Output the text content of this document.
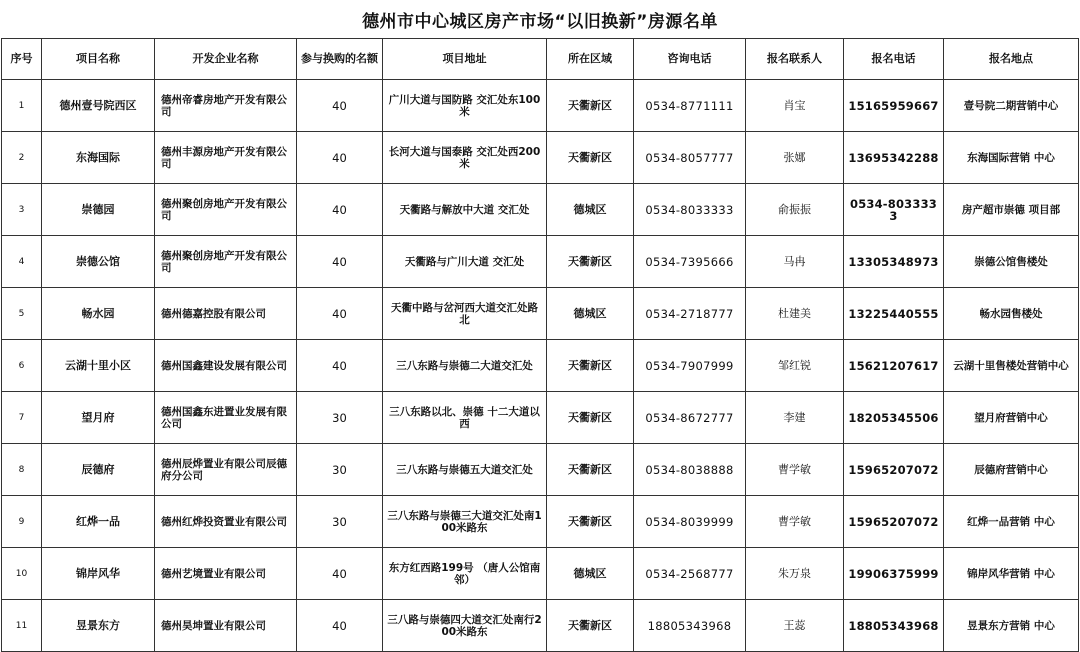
德州市中心城区房产市场“以旧换新”房源名单
序号	项目名称	开发企业名称	参与换购的名额	项目地址	所在区域	咨询电话	报名联系人	报名电话	报名地点
1	德州壹号院西区	德州帝睿房地产开发有限公司	40	广川大道与国防路 交汇处东100米	天衢新区	0534-8771111	肖宝	15165959667	壹号院二期营销中心
2	东海国际	德州丰源房地产开发有限公司	40	长河大道与国泰路 交汇处西200米	天衢新区	0534-8057777	张娜	13695342288	东海国际营销 中心
3	崇德园	德州聚创房地产开发有限公司	40	天衢路与解放中大道 交汇处	德城区	0534-8033333	俞振振	0534-8033333	房产超市崇德 项目部
4	崇德公馆	德州聚创房地产开发有限公司	40	天衢路与广川大道 交汇处	天衢新区	0534-7395666	马冉	13305348973	崇德公馆售楼处
5	畅水园	德州德嘉控股有限公司	40	天衢中路与岔河西大道交汇处路北	德城区	0534-2718777	杜建美	13225440555	畅水园售楼处
6	云湖十里小区	德州国鑫建设发展有限公司	40	三八东路与崇德二大道交汇处	天衢新区	0534-7907999	邹红锐	15621207617	云湖十里售楼处营销中心
7	望月府	德州国鑫东进置业发展有限公司	30	三八东路以北、崇德 十二大道以西	天衢新区	0534-8672777	李建	18205345506	望月府营销中心
8	辰德府	德州辰烨置业有限公司辰德府分公司	30	三八东路与崇德五大道交汇处	天衢新区	0534-8038888	曹学敏	15965207072	辰德府营销中心
9	红烨一品	德州红烨投资置业有限公司	30	三八东路与崇德三大道交汇处南100米路东	天衢新区	0534-8039999	曹学敏	15965207072	红烨一品营销 中心
10	锦岸风华	德州艺境置业有限公司	40	东方红西路199号 （唐人公馆南邻）	德城区	0534-2568777	朱万泉	19906375999	锦岸风华营销 中心
11	昱景东方	德州昊坤置业有限公司	40	三八路与崇德四大道交汇处南行200米路东	天衢新区	18805343968	王蕊	18805343968	昱景东方营销 中心
